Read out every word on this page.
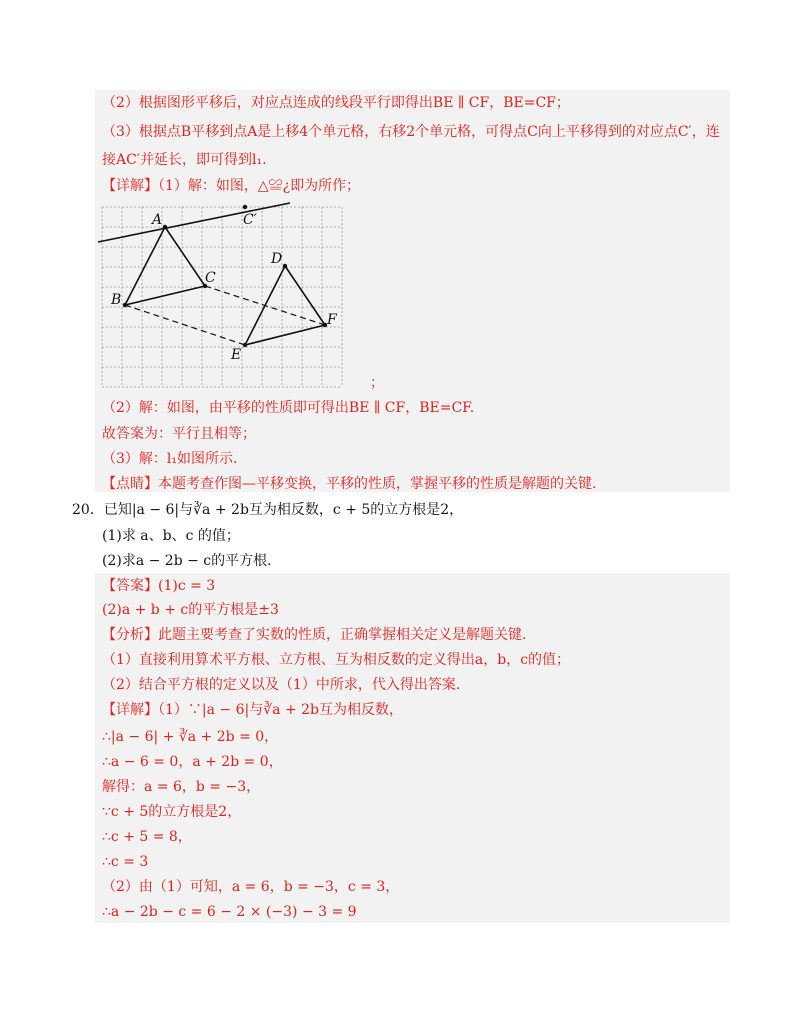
（2）根据图形平移后，对应点连成的线段平行即得出BE ∥ CF，BE=CF；
（3）根据点B平移到点A是上移4个单元格，右移2个单元格，可得点C向上平移得到的对应点C′，连
接AC′并延长，即可得到l₁.
【详解】（1）解：如图，△≌¿即为所作；
A	C′
D
B
C
E
F
；
（2）解：如图，由平移的性质即可得出BE ∥ CF，BE=CF.
故答案为：平行且相等；
（3）解：l₁如图所示.
【点睛】本题考查作图—平移变换，平移的性质，掌握平移的性质是解题的关键.
20．已知|a − 6|与∛a + 2b互为相反数，c + 5的立方根是2，
(1)求 a、b、c 的值；
(2)求a − 2b − c的平方根.
【答案】(1)c = 3
(2)a + b + c的平方根是±3
【分析】此题主要考查了实数的性质，正确掌握相关定义是解题关键.
（1）直接利用算术平方根、立方根、互为相反数的定义得出a，b，c的值；
（2）结合平方根的定义以及（1）中所求，代入得出答案.
【详解】（1）∵|a − 6|与∛a + 2b互为相反数，
∴|a − 6| + ∛a + 2b = 0，
∴a − 6 = 0，a + 2b = 0，
解得：a = 6，b = −3，
∵c + 5的立方根是2，
∴c + 5 = 8，
∴c = 3
（2）由（1）可知，a = 6，b = −3，c = 3，
∴a − 2b − c = 6 − 2 × (−3) − 3 = 9
